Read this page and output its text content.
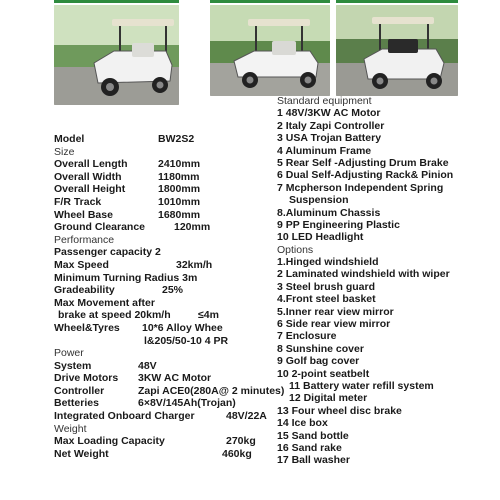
Model	BW2S2
Size
Overall Length	2410mm
Overall Width	1180mm
Overall Height	1800mm
F/R Track	1010mm
Wheel Base	1680mm
Ground Clearance	120mm
Performance
Passenger capacity 2
Max Speed	32km/h
Minimum Turning Radius 3m
Gradeability	25%
Max Movement after
brake at speed 20km/h	≤4m
Wheel&Tyres 10*6 Alloy Whee
l&205/50-10 4 PR
Power
System	48V
Drive Motors 3KW AC Motor
Controller	Zapi ACE0(280A@ 2 minutes)
Betteries	6×8V/145Ah(Trojan)
Integrated Onboard Charger	48V/22A
Weight
Max Loading Capacity	270kg
Net Weight	460kg
Standard equipment
1 48V/3KW AC Motor
2 Italy Zapi Controller
3 USA Trojan Battery
4 Aluminum Frame
5 Rear Self -Adjusting Drum Brake
6 Dual Self-Adjusting Rack& Pinion
7 Mcpherson Independent Spring
Suspension
8.Aluminum Chassis
9 PP Engineering Plastic
10 LED Headlight
Options
1.Hinged windshield
2 Laminated windshield with wiper
3 Steel brush guard
4.Front steel basket
5.Inner rear view mirror
6 Side rear view mirror
7 Enclosure
8 Sunshine cover
9 Golf bag cover
10 2-point seatbelt
11 Battery water refill system
12 Digital meter
13 Four wheel disc brake
14 Ice box
15 Sand bottle
16 Sand rake
17 Ball washer
